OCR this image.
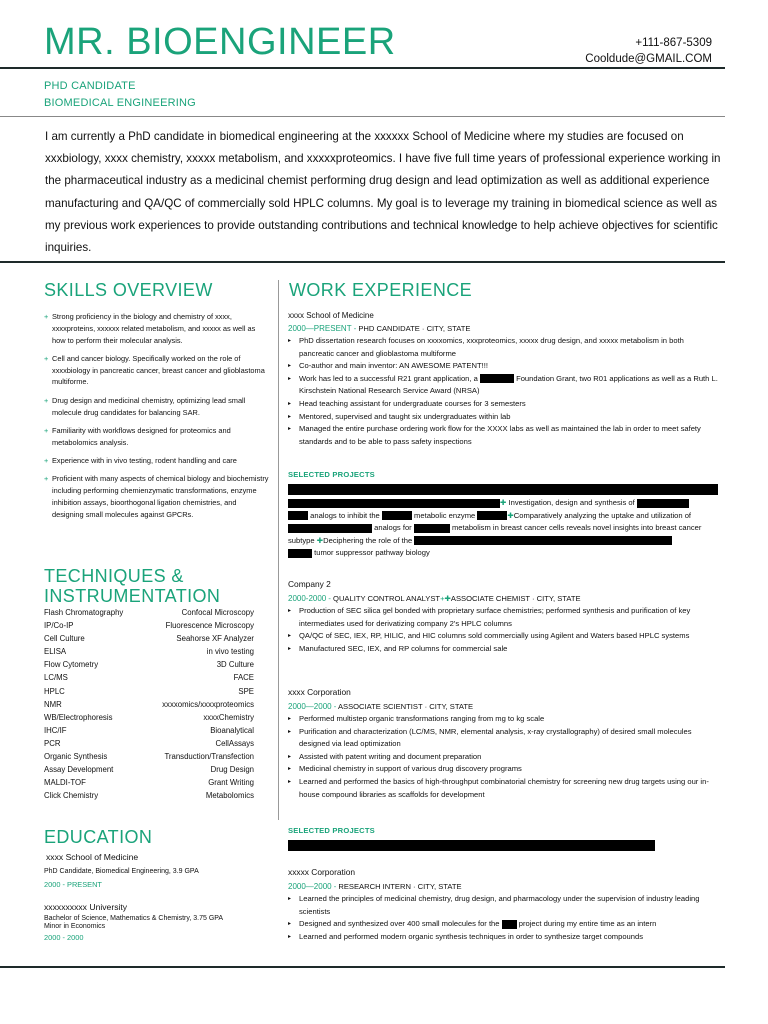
MR. BIOENGINEER	+111-867-5309
Cooldude@GMAIL.COM
PHD CANDIDATE
BIOMEDICAL ENGINEERING
I am currently a PhD candidate in biomedical engineering at the xxxxxx School of Medicine where my studies are focused on xxxbiology, xxxx chemistry, xxxxx metabolism, and xxxxxproteomics. I have five full time years of professional experience working in the pharmaceutical industry as a medicinal chemist performing drug design and lead optimization as well as additional experience manufacturing and QA/QC of commercially sold HPLC columns. My goal is to leverage my training in biomedical science as well as my previous work experiences to provide outstanding contributions and technical knowledge to help achieve objectives for scientific inquiries.
SKILLS OVERVIEW
+ Strong proficiency in the biology and chemistry of xxxx, xxxxproteins, xxxxxx related metabolism, and xxxxx as well as how to perform their molecular analysis.
+ Cell and cancer biology. Specifically worked on the role of xxxxbiology in pancreatic cancer, breast cancer and glioblastoma multiforme.
+ Drug design and medicinal chemistry, optimizing lead small molecule drug candidates for balancing SAR.
+ Familiarity with workflows designed for proteomics and metabolomics analysis.
+ Experience with in vivo testing, rodent handling and care
+ Proficient with many aspects of chemical biology and biochemistry including performing chemienzymatic transformations, enzyme inhibition assays, bioorthogonal ligation chemistries, and designing small molecules against GPCRs.
TECHNIQUES &
INSTRUMENTATION
Flash Chromatography	Confocal Microscopy
IP/Co-IP	Fluorescence Microscopy
Cell Culture	Seahorse XF Analyzer
ELISA	in vivo testing
Flow Cytometry	3D Culture
LC/MS	FACE
HPLC	SPE
NMR	xxxxomics/xxxxproteomics
WB/Electrophoresis	xxxxChemistry
IHC/IF	Bioanalytical
PCR	CellAssays
Organic Synthesis	Transduction/Transfection
Assay Development	Drug Design
MALDI-TOF	Grant Writing
Click Chemistry	Metabolomics
EDUCATION
xxxx School of Medicine
PhD Candidate, Biomedical Engineering, 3.9 GPA
2000 - PRESENT
xxxxxxxxxx University
Bachelor of Science, Mathematics & Chemistry, 3.75 GPA
Minor in Economics
2000 - 2000
WORK EXPERIENCE
xxxx School of Medicine
2000—PRESENT - PHD CANDIDATE · CITY, STATE
▸	PhD dissertation research focuses on xxxxomics, xxxproteomics, xxxxx drug design, and xxxxx metabolism in both pancreatic cancer and glioblastoma multiforme
▸	Co-author and main inventor: AN AWESOME PATENT!!!
▸	Work has led to a successful R21 grant application, a	Foundation Grant, two R01 applications as well as a Ruth L. Kirschstein National Research Service Award (NRSA)
▸	Head teaching assistant for undergraduate courses for 3 semesters
▸	Mentored, supervised and taught six undergraduates within lab
▸	Managed the entire purchase ordering work flow for the XXXX labs as well as maintained the lab in order to meet safety standards and to be able to pass safety inspections
SELECTED PROJECTS
✚ Investigation, design and synthesis of
analogs to inhibit the	metabolic enzyme	✚Comparatively analyzing the uptake and utilization of
analogs for	metabolism in breast cancer cells reveals novel insights into breast cancer subtype ✚Deciphering the role of the
tumor suppressor pathway biology
Company 2
2000-2000 - QUALITY CONTROL ANALYST+✚ASSOCIATE CHEMIST · CITY, STATE
▸	Production of SEC silica gel bonded with proprietary surface chemistries; performed synthesis and purification of key intermediates used for derivatizing company 2's HPLC columns
▸	QA/QC of SEC, IEX, RP, HILIC, and HIC columns sold commercially using Agilent and Waters based HPLC systems
▸	Manufactured SEC, IEX, and RP columns for commercial sale
xxxx Corporation
2000—2000 - ASSOCIATE SCIENTIST · CITY, STATE
▸	Performed multistep organic transformations ranging from mg to kg scale
▸	Purification and characterization (LC/MS, NMR, elemental analysis, x-ray crystallography) of desired small molecules designed via lead optimization
▸	Assisted with patent writing and document preparation
▸	Medicinal chemistry in support of various drug discovery programs
▸	Learned and performed the basics of high-throughput combinatorial chemistry for screening new drug targets using our in-house compound libraries as scaffolds for development
SELECTED PROJECTS
xxxxx Corporation
2000—2000 - RESEARCH INTERN · CITY, STATE
▸	Learned the principles of medicinal chemistry, drug design, and pharmacology under the supervision of industry leading scientists
▸	Designed and synthesized over 400 small molecules for the  project during my entire time as an intern
▸	Learned and performed modern organic synthesis techniques in order to synthesize target compounds
